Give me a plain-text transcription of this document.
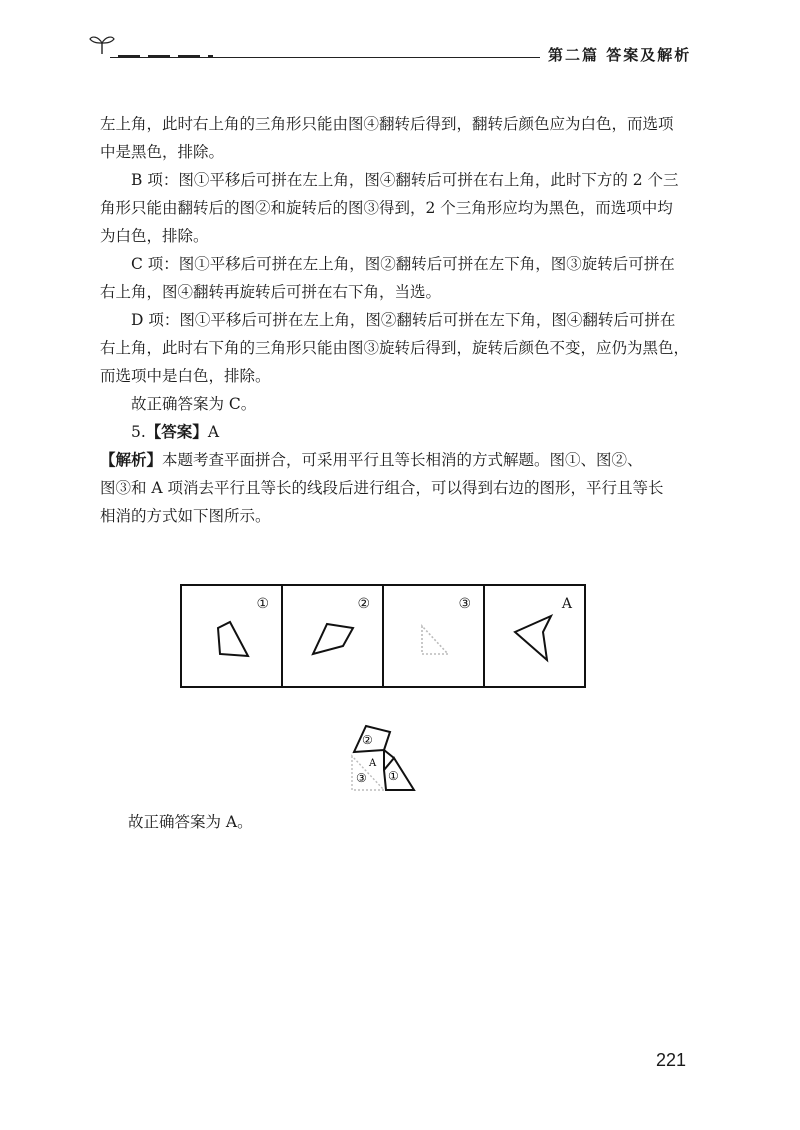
第二篇 答案及解析

左上角，此时右上角的三角形只能由图④翻转后得到，翻转后颜色应为白色，而选项

中是黑色，排除。

B 项：图①平移后可拼在左上角，图④翻转后可拼在右上角，此时下方的 2 个三

角形只能由翻转后的图②和旋转后的图③得到，2 个三角形应均为黑色，而选项中均

为白色，排除。

C 项：图①平移后可拼在左上角，图②翻转后可拼在左下角，图③旋转后可拼在

右上角，图④翻转再旋转后可拼在右下角，当选。

D 项：图①平移后可拼在左上角，图②翻转后可拼在左下角，图④翻转后可拼在

右上角，此时右下角的三角形只能由图③旋转后得到，旋转后颜色不变，应仍为黑色，

而选项中是白色，排除。

故正确答案为 C。

5.【答案】A

【解析】本题考查平面拼合，可采用平行且等长相消的方式解题。图①、图②、

图③和 A 项消去平行且等长的线段后进行组合，可以得到右边的图形，平行且等长

相消的方式如下图所示。

①	②	③	A
②
A
③ ①
故正确答案为 A。
221
